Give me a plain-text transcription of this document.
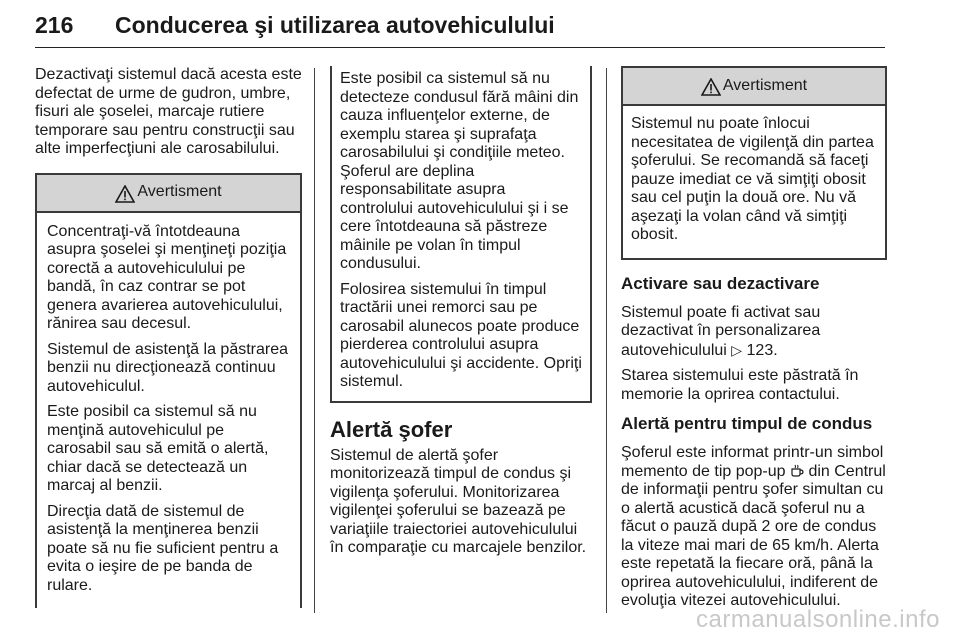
216 Conducerea şi utilizarea autovehiculului

Dezactivaţi sistemul dacă acesta este defectat de urme de gudron, umbre, fisuri ale şoselei, marcaje rutiere temporare sau pentru construcţii sau alte imperfecţiuni ale carosabilului.

Avertisment

Concentraţi-vă întotdeauna asupra şoselei şi menţineţi poziţia corectă a autovehiculului pe bandă, în caz contrar se pot genera avarierea autovehiculului, rănirea sau decesul.

Sistemul de asistenţă la păstrarea benzii nu direcţionează continuu autovehiculul.

Este posibil ca sistemul să nu menţină autovehiculul pe carosabil sau să emită o alertă, chiar dacă se detectează un marcaj al benzii.

Direcţia dată de sistemul de asistenţă la menţinerea benzii poate să nu fie suficient pentru a evita o ieşire de pe banda de rulare.

Este posibil ca sistemul să nu detecteze condusul fără mâini din cauza influenţelor externe, de exemplu starea şi suprafaţa carosabilului şi condiţiile meteo. Şoferul are deplina responsabilitate asupra controlului autovehiculului şi i se cere întotdeauna să păstreze mâinile pe volan în timpul condusului.

Folosirea sistemului în timpul tractării unei remorci sau pe carosabil alunecos poate produce pierderea controlului asupra autovehiculului şi accidente. Opriţi sistemul.

Alertă şofer

Sistemul de alertă şofer monitorizează timpul de condus şi vigilenţa şoferului. Monitorizarea vigilenţei şoferului se bazează pe variaţiile traiectoriei autovehiculului în comparaţie cu marcajele benzilor.

Avertisment

Sistemul nu poate înlocui necesitatea de vigilenţă din partea şoferului. Se recomandă să faceţi pauze imediat ce vă simţiţi obosit sau cel puţin la două ore. Nu vă aşezaţi la volan când vă simţiţi obosit.

Activare sau dezactivare

Sistemul poate fi activat sau dezactivat în personalizarea autovehiculului ▷ 123.

Starea sistemului este păstrată în memorie la oprirea contactului.

Alertă pentru timpul de condus

Şoferul este informat printr-un simbol memento de tip pop-up  din Centrul de informaţii pentru şofer simultan cu o alertă acustică dacă şoferul nu a făcut o pauză după 2 ore de condus la viteze mai mari de 65 km/h. Alerta este repetată la fiecare oră, până la oprirea autovehiculului, indiferent de evoluţia vitezei autovehiculului.

carmanualsonline.info
